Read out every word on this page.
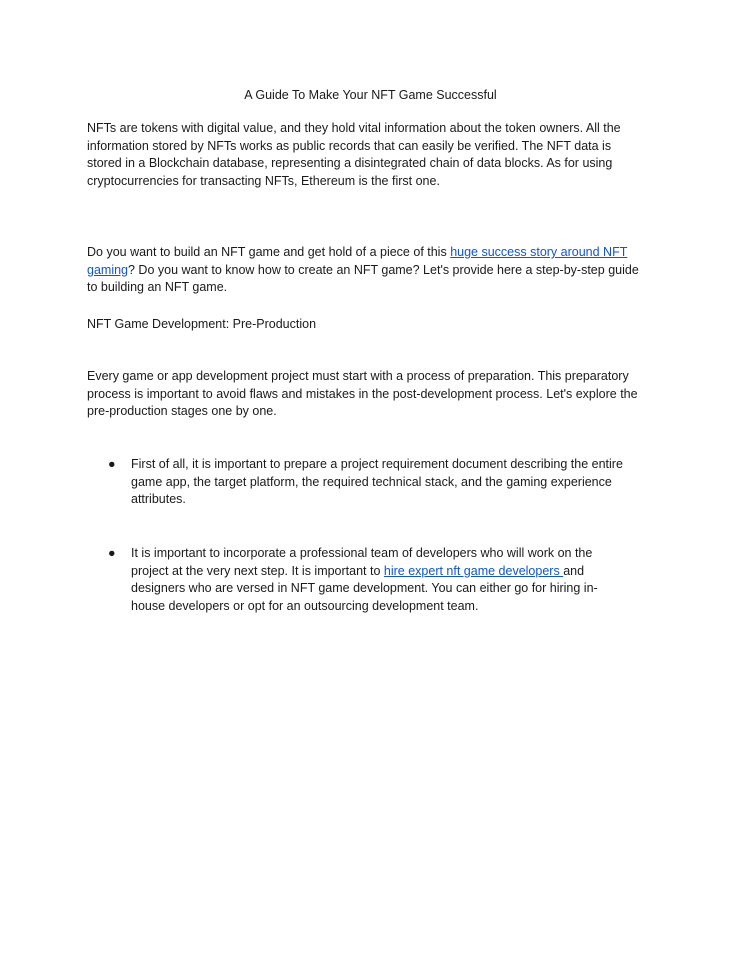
A Guide To Make Your NFT Game Successful

NFTs are tokens with digital value, and they hold vital information about the token owners. All the information stored by NFTs works as public records that can easily be verified. The NFT data is stored in a Blockchain database, representing a disintegrated chain of data blocks. As for using cryptocurrencies for transacting NFTs, Ethereum is the first one.

Do you want to build an NFT game and get hold of a piece of this huge success story around NFT gaming? Do you want to know how to create an NFT game? Let's provide here a step-by-step guide to building an NFT game.

NFT Game Development: Pre-Production

Every game or app development project must start with a process of preparation. This preparatory process is important to avoid flaws and mistakes in the post-development process. Let's explore the pre-production stages one by one.

● First of all, it is important to prepare a project requirement document describing the entire game app, the target platform, the required technical stack, and the gaming experience attributes.
● It is important to incorporate a professional team of developers who will work on the project at the very next step. It is important to hire expert nft game developers and designers who are versed in NFT game development. You can either go for hiring in-house developers or opt for an outsourcing development team.
